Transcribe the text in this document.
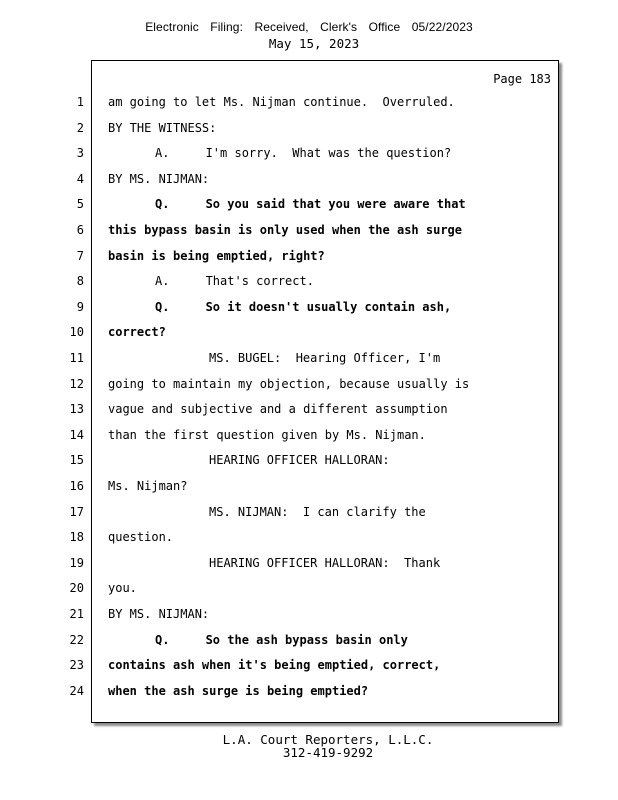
Electronic Filing: Received, Clerk's Office 05/22/2023
May 15, 2023
Page 183
1 am going to let Ms. Nijman continue.  Overruled.
2 BY THE WITNESS:
3	A.     I'm sorry.  What was the question?
4 BY MS. NIJMAN:
5	Q.     So you said that you were aware that
6 this bypass basin is only used when the ash surge
7 basin is being emptied, right?
8	A.     That's correct.
9	Q.     So it doesn't usually contain ash,
10 correct?
11	MS. BUGEL:  Hearing Officer, I'm
12 going to maintain my objection, because usually is
13 vague and subjective and a different assumption
14 than the first question given by Ms. Nijman.
15	HEARING OFFICER HALLORAN:
16 Ms. Nijman?
17	MS. NIJMAN:  I can clarify the
18 question.
19	HEARING OFFICER HALLORAN:  Thank
20 you.
21 BY MS. NIJMAN:
22	Q.     So the ash bypass basin only
23 contains ash when it's being emptied, correct,
24 when the ash surge is being emptied?
L.A. Court Reporters, L.L.C.
312-419-9292
